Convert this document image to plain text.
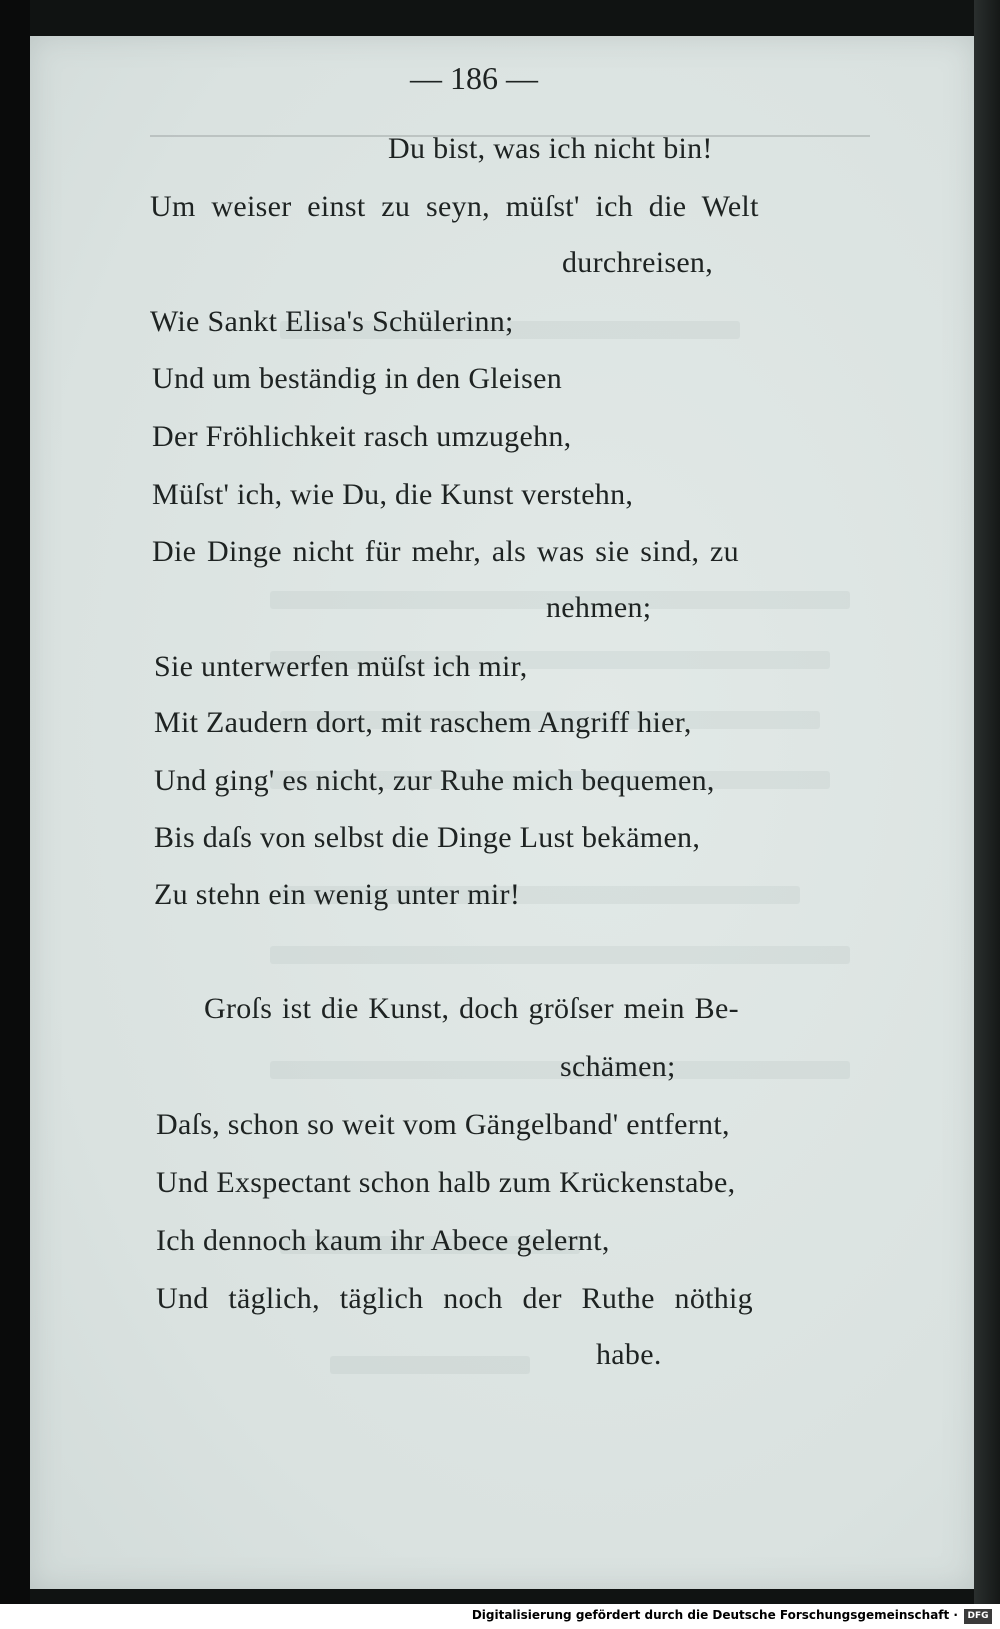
— 186 —
Du bist, was ich nicht bin!
Um weiser einst zu seyn, müſst' ich die Welt
durchreisen,
Wie Sankt Elisa's Schülerinn;
Und um beständig in den Gleisen
Der Fröhlichkeit rasch umzugehn,
Müſst' ich, wie Du, die Kunst verstehn,
Die Dinge nicht für mehr, als was sie sind, zu
nehmen;
Sie unterwerfen müſst ich mir,
Mit Zaudern dort, mit raschem Angriff hier,
Und ging' es nicht, zur Ruhe mich bequemen,
Bis daſs von selbst die Dinge Lust bekämen,
Zu stehn ein wenig unter mir!
Groſs ist die Kunst, doch gröſser mein Be-
schämen;
Daſs, schon so weit vom Gängelband' entfernt,
Und Exspectant schon halb zum Krückenstabe,
Ich dennoch kaum ihr Abece gelernt,
Und täglich, täglich noch der Ruthe nöthig
habe.
Digitalisierung gefördert durch die Deutsche Forschungsgemeinschaft ·	DFG
